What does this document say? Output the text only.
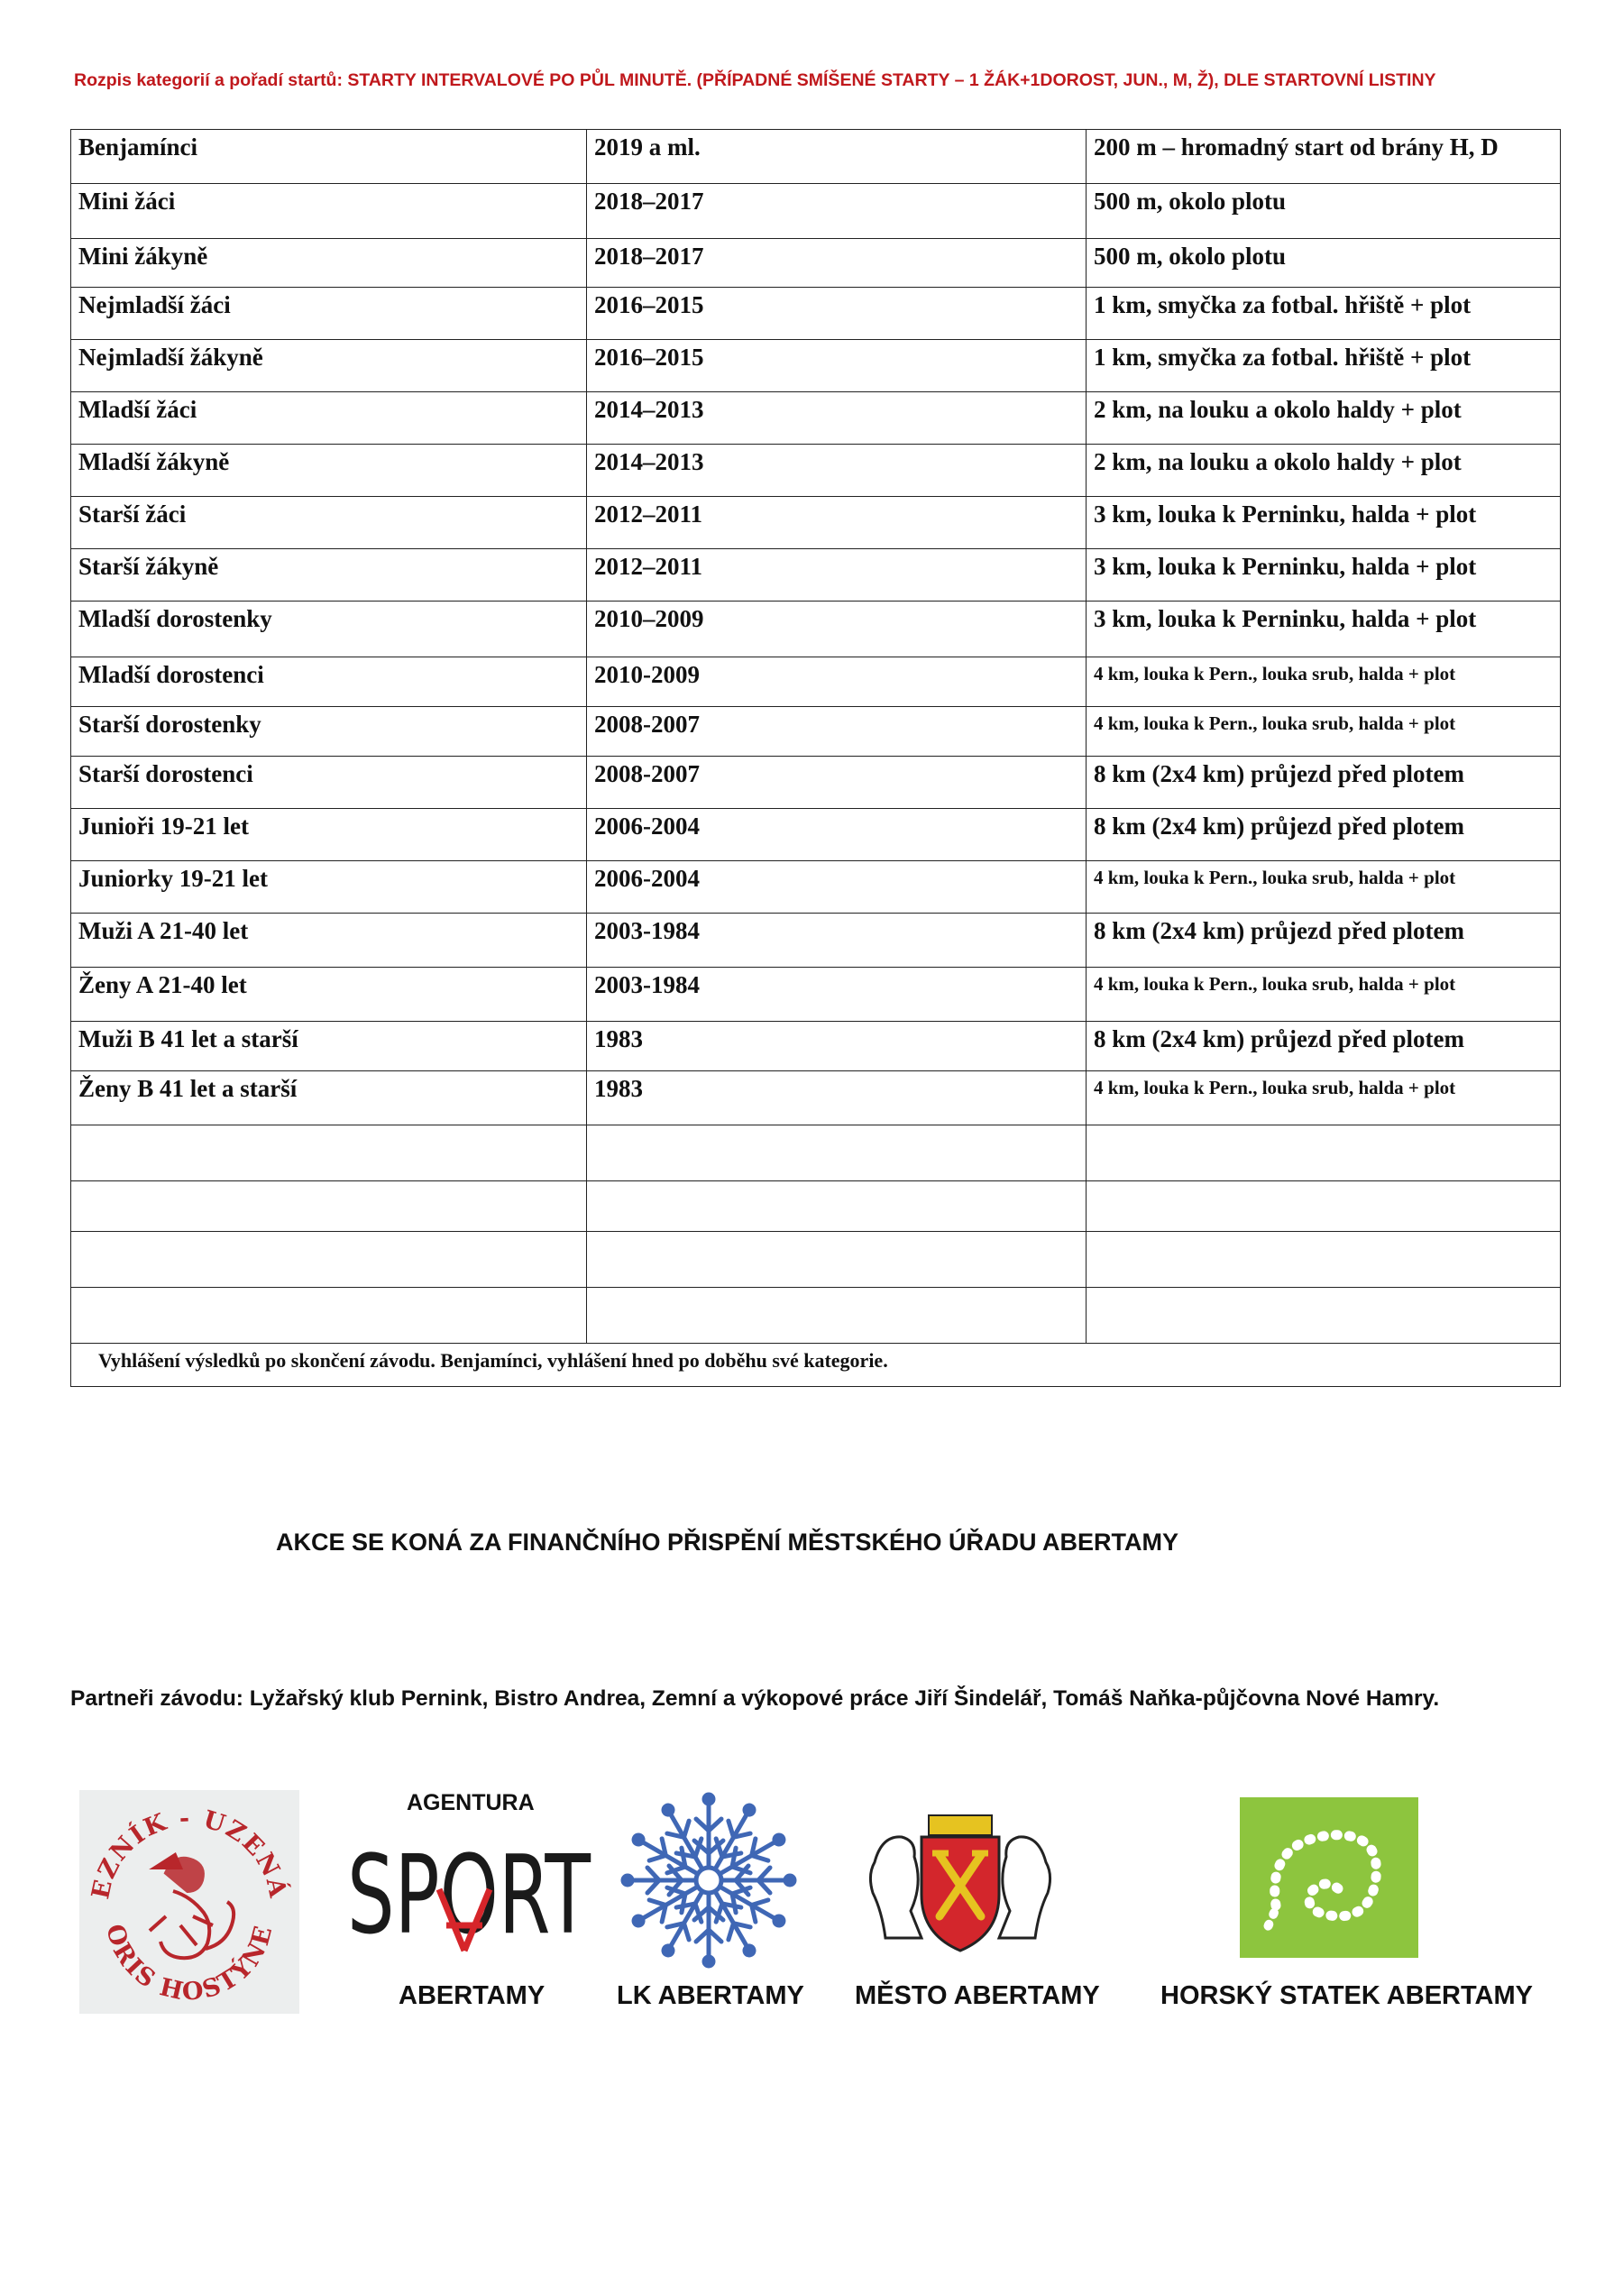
Rozpis kategorií a pořadí startů: STARTY INTERVALOVÉ PO PŮL MINUTĚ. (PŘÍPADNÉ SMÍŠENÉ STARTY – 1 ŽÁK+1DOROST, JUN., M, Ž), DLE STARTOVNÍ LISTINY
Benjamínci	2019 a ml.	200 m – hromadný start od brány H, D
Mini žáci	2018–2017	500 m, okolo plotu
Mini žákyně	2018–2017	500 m, okolo plotu
Nejmladší žáci	2016–2015	1 km, smyčka za fotbal. hřiště + plot
Nejmladší žákyně	2016–2015	1 km, smyčka za fotbal. hřiště + plot
Mladší žáci	2014–2013	2 km, na louku a okolo haldy + plot
Mladší žákyně	2014–2013	2 km, na louku a okolo haldy + plot
Starší žáci	2012–2011	3 km, louka k Perninku, halda + plot
Starší žákyně	2012–2011	3 km, louka k Perninku, halda + plot
Mladší dorostenky	2010–2009	3 km, louka k Perninku, halda + plot
Mladší dorostenci	2010-2009	4 km, louka k Pern., louka srub, halda + plot
Starší dorostenky	2008-2007	4 km, louka k Pern., louka srub, halda + plot
Starší dorostenci	2008-2007	8 km (2x4 km) průjezd před plotem
Junioři 19-21 let	2006-2004	8 km (2x4 km) průjezd před plotem
Juniorky 19-21 let	2006-2004	4 km, louka k Pern., louka srub, halda + plot
Muži A 21-40 let	2003-1984	8 km (2x4 km) průjezd před plotem
Ženy A 21-40 let	2003-1984	4 km, louka k Pern., louka srub, halda + plot
Muži B 41 let a starší	1983	8 km (2x4 km) průjezd před plotem
Ženy B 41 let a starší	1983	4 km, louka k Pern., louka srub, halda + plot

Vyhlášení výsledků po skončení závodu. Benjamínci, vyhlášení hned po doběhu své kategorie.		
AKCE SE KONÁ ZA FINANČNÍHO PŘISPĚNÍ MĚSTSKÉHO ÚŘADU ABERTAMY
Partneři závodu: Lyžařský klub Pernink, Bistro Andrea, Zemní a výkopové práce Jiří Šindelář, Tomáš Naňka-půjčovna Nové Hamry.
EZNÍK - UZENÁ
ORIS HOSTÝNE
AGENTURA
SPORT
ABERTAMY	LK ABERTAMY MĚSTO ABERTAMY HORSKÝ STATEK ABERTAMY
